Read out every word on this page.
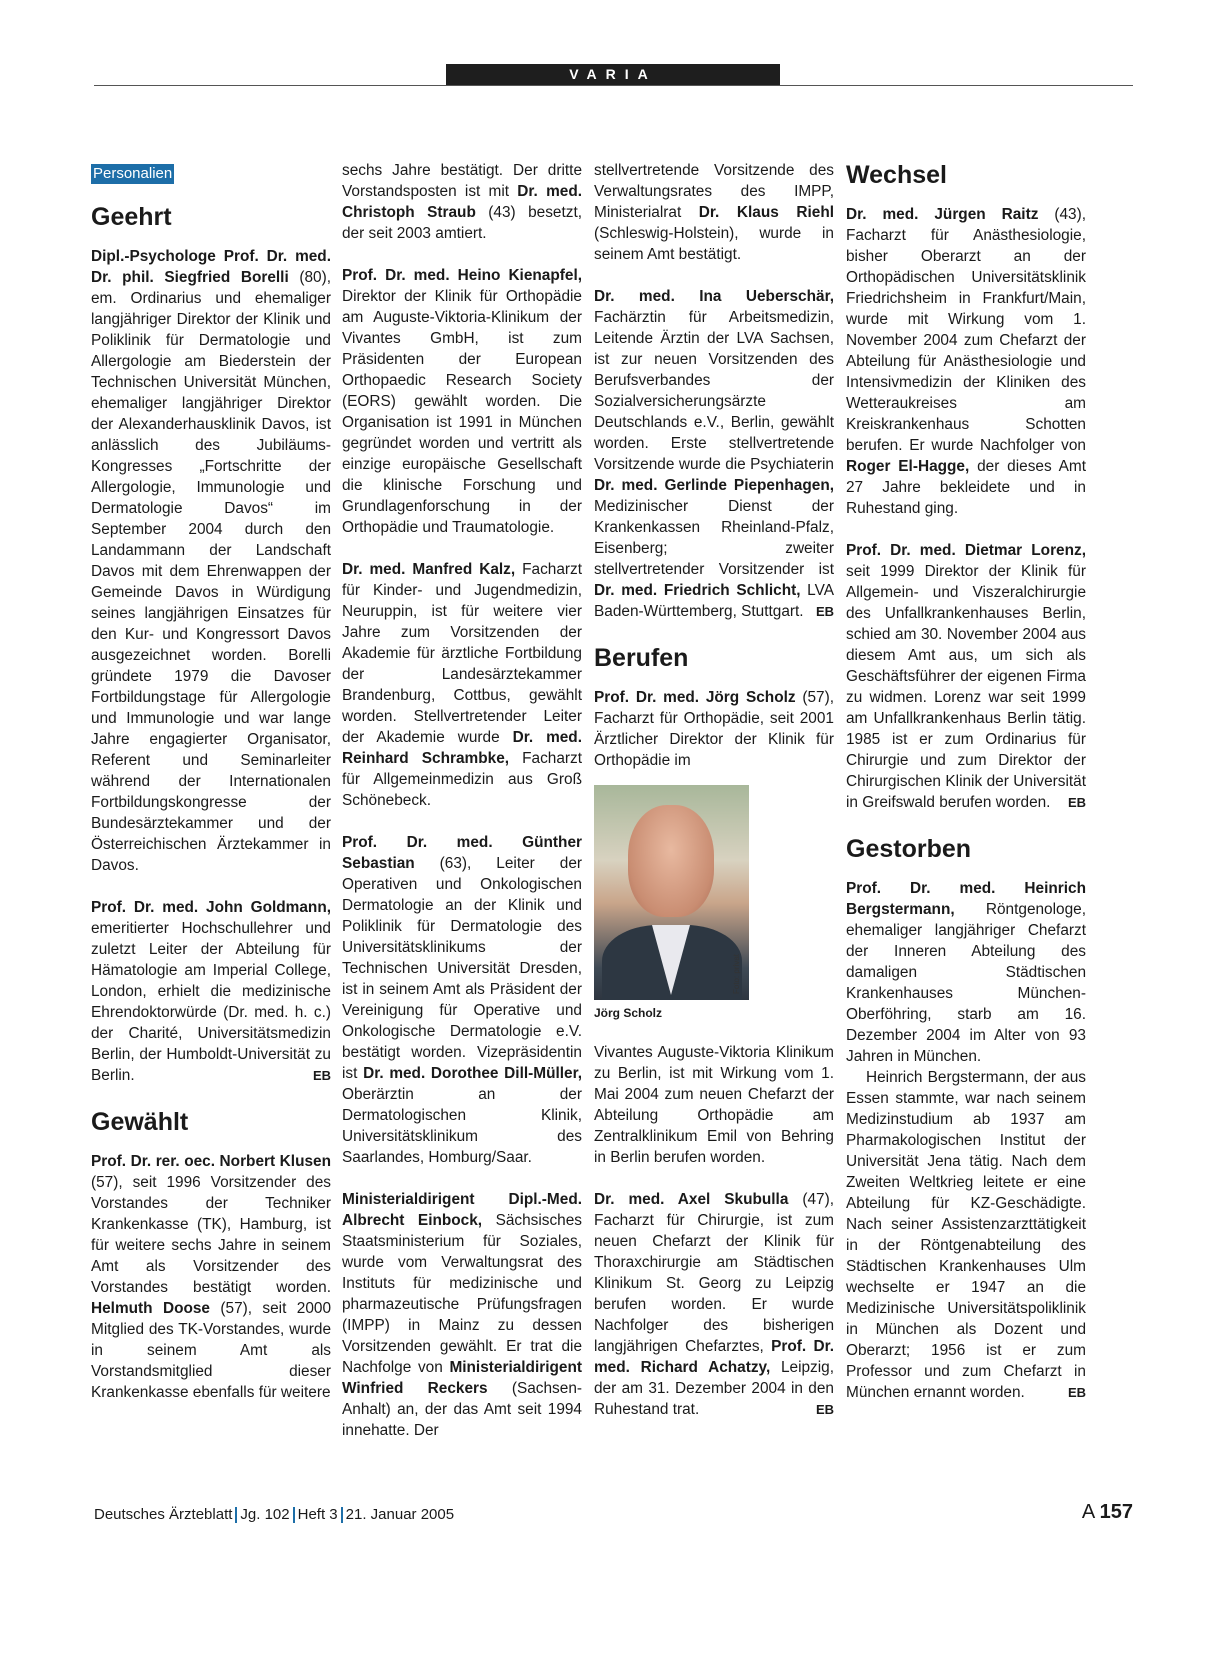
VARIA
Personalien
Geehrt

Dipl.-Psychologe Prof. Dr. med. Dr. phil. Siegfried Borelli (80), em. Ordinarius und ehemaliger langjähriger Direktor der Klinik und Poliklinik für Dermatologie und Allergologie am Biederstein der Technischen Universität München, ehemaliger langjähriger Direktor der Alexanderhausklinik Davos, ist anlässlich des Jubiläums-Kongresses „Fortschritte der Allergologie, Immunologie und Dermatologie Davos“ im September 2004 durch den Landammann der Landschaft Davos mit dem Ehrenwappen der Gemeinde Davos in Würdigung seines langjährigen Einsatzes für den Kur- und Kongressort Davos ausgezeichnet worden. Borelli gründete 1979 die Davoser Fortbildungstage für Allergologie und Immunologie und war lange Jahre engagierter Organisator, Referent und Seminarleiter während der Internationalen Fortbildungskongresse der Bundesärztekammer und der Österreichischen Ärztekammer in Davos.

Prof. Dr. med. John Goldmann, emeritierter Hochschullehrer und zuletzt Leiter der Abteilung für Hämatologie am Imperial College, London, erhielt die medizinische Ehrendoktorwürde (Dr. med. h. c.) der Charité, Universitätsmedizin Berlin, der Humboldt-Universität zu Berlin.	EB

Gewählt

Prof. Dr. rer. oec. Norbert Klusen (57), seit 1996 Vorsitzender des Vorstandes der Techniker Krankenkasse (TK), Hamburg, ist für weitere sechs Jahre in seinem Amt als Vorsitzender des Vorstandes bestätigt worden. Helmuth Doose (57), seit 2000 Mitglied des TK-Vorstandes, wurde in seinem Amt als Vorstandsmitglied dieser Krankenkasse ebenfalls für weitere

sechs Jahre bestätigt. Der dritte Vorstandsposten ist mit Dr. med. Christoph Straub (43) besetzt, der seit 2003 amtiert.

Prof. Dr. med. Heino Kienapfel, Direktor der Klinik für Orthopädie am Auguste-Viktoria-Klinikum der Vivantes GmbH, ist zum Präsidenten der European Orthopaedic Research Society (EORS) gewählt worden. Die Organisation ist 1991 in München gegründet worden und vertritt als einzige europäische Gesellschaft die klinische Forschung und Grundlagenforschung in der Orthopädie und Traumatologie.

Dr. med. Manfred Kalz, Facharzt für Kinder- und Jugendmedizin, Neuruppin, ist für weitere vier Jahre zum Vorsitzenden der Akademie für ärztliche Fortbildung der Landesärztekammer Brandenburg, Cottbus, gewählt worden. Stellvertretender Leiter der Akademie wurde Dr. med. Reinhard Schrambke, Facharzt für Allgemeinmedizin aus Groß Schönebeck.

Prof. Dr. med. Günther Sebastian (63), Leiter der Operativen und Onkologischen Dermatologie an der Klinik und Poliklinik für Dermatologie des Universitätsklinikums der Technischen Universität Dresden, ist in seinem Amt als Präsident der Vereinigung für Operative und Onkologische Dermatologie e.V. bestätigt worden. Vizepräsidentin ist Dr. med. Dorothee Dill-Müller, Oberärztin an der Dermatologischen Klinik, Universitätsklinikum des Saarlandes, Homburg/Saar.

Ministerialdirigent Dipl.-Med. Albrecht Einbock, Sächsisches Staatsministerium für Soziales, wurde vom Verwaltungsrat des Instituts für medizinische und pharmazeutische Prüfungsfragen (IMPP) in Mainz zu dessen Vorsitzenden gewählt. Er trat die Nachfolge von Ministerialdirigent Winfried Reckers (Sachsen-Anhalt) an, der das Amt seit 1994 innehatte. Der

stellvertretende Vorsitzende des Verwaltungsrates des IMPP, Ministerialrat Dr. Klaus Riehl (Schleswig-Holstein), wurde in seinem Amt bestätigt.

Dr. med. Ina Ueberschär, Fachärztin für Arbeitsmedizin, Leitende Ärztin der LVA Sachsen, ist zur neuen Vorsitzenden des Berufsverbandes der Sozialversicherungsärzte Deutschlands e.V., Berlin, gewählt worden. Erste stellvertretende Vorsitzende wurde die Psychiaterin Dr. med. Gerlinde Piepenhagen, Medizinischer Dienst der Krankenkassen Rheinland-Pfalz, Eisenberg; zweiter stellvertretender Vorsitzender ist Dr. med. Friedrich Schlicht, LVA Baden-Württemberg, Stuttgart. EB

Berufen

Prof. Dr. med. Jörg Scholz (57), Facharzt für Orthopädie, seit 2001 Ärztlicher Direktor der Klinik für Orthopädie im

Foto: privat
Jörg Scholz

Vivantes Auguste-Viktoria Klinikum zu Berlin, ist mit Wirkung vom 1. Mai 2004 zum neuen Chefarzt der Abteilung Orthopädie am Zentralklinikum Emil von Behring in Berlin berufen worden.

Dr. med. Axel Skubulla (47), Facharzt für Chirurgie, ist zum neuen Chefarzt der Klinik für Thoraxchirurgie am Städtischen Klinikum St. Georg zu Leipzig berufen worden. Er wurde Nachfolger des bisherigen langjährigen Chefarztes, Prof. Dr. med. Richard Achatzy, Leipzig, der am 31. Dezember 2004 in den Ruhestand trat.	EB

Wechsel

Dr. med. Jürgen Raitz (43), Facharzt für Anästhesiologie, bisher Oberarzt an der Orthopädischen Universitätsklinik Friedrichsheim in Frankfurt/Main, wurde mit Wirkung vom 1. November 2004 zum Chefarzt der Abteilung für Anästhesiologie und Intensivmedizin der Kliniken des Wetteraukreises am Kreiskrankenhaus Schotten berufen. Er wurde Nachfolger von Roger El-Hagge, der dieses Amt 27 Jahre bekleidete und in Ruhestand ging.

Prof. Dr. med. Dietmar Lorenz, seit 1999 Direktor der Klinik für Allgemein- und Viszeralchirurgie des Unfallkrankenhauses Berlin, schied am 30. November 2004 aus diesem Amt aus, um sich als Geschäftsführer der eigenen Firma zu widmen. Lorenz war seit 1999 am Unfallkrankenhaus Berlin tätig. 1985 ist er zum Ordinarius für Chirurgie und zum Direktor der Chirurgischen Klinik der Universität in Greifswald berufen worden. EB

Gestorben

Prof. Dr. med. Heinrich Bergstermann, Röntgenologe, ehemaliger langjähriger Chefarzt der Inneren Abteilung des damaligen Städtischen Krankenhauses München-Oberföhring, starb am 16. Dezember 2004 im Alter von 93 Jahren in München.

Heinrich Bergstermann, der aus Essen stammte, war nach seinem Medizinstudium ab 1937 am Pharmakologischen Institut der Universität Jena tätig. Nach dem Zweiten Weltkrieg leitete er eine Abteilung für KZ-Geschädigte. Nach seiner Assistenzarzttätigkeit in der Röntgenabteilung des Städtischen Krankenhauses Ulm wechselte er 1947 an die Medizinische Universitätspoliklinik in München als Dozent und Oberarzt; 1956 ist er zum Professor und zum Chefarzt in München ernannt worden.	EB

Deutsches Ärzteblatt Jg. 102 Heft 3 21. Januar 2005	A 157
